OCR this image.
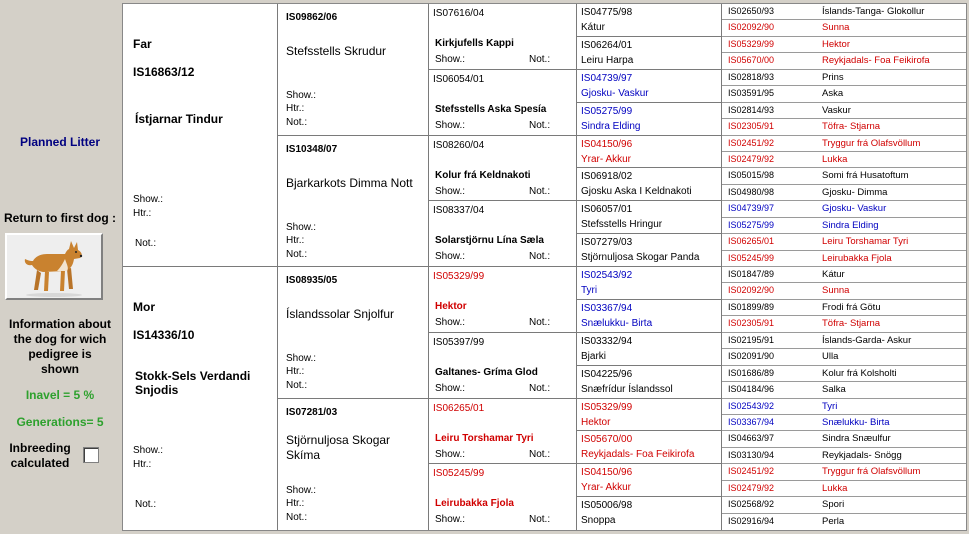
Planned Litter
Return to first dog :
Information about the dog for wich pedigree is shown
Inavel = 5 %
Generations= 5
Inbreeding calculated
Far
IS16863/12
Ístjarnar Tindur
Show.:
Htr.:
Not.:
Mor
IS14336/10
Stokk-Sels Verdandi Snjodis
Show.:
Htr.:
Not.:
IS09862/06
Stefsstells Skrudur
Show.:
Htr.:
Not.:
IS10348/07
Bjarkarkots Dimma Nott
Show.:
Htr.:
Not.:
IS08935/05
Íslandssolar Snjolfur
Show.:
Htr.:
Not.:
IS07281/03
Stjörnuljosa Skogar Skíma
Show.:
Htr.:
Not.:
IS07616/04
Kirkjufells Kappi
Show.:	Not.:
IS06054/01
Stefsstells Aska Spesía
Show.:	Not.:
IS08260/04
Kolur frá Keldnakoti
Show.:	Not.:
IS08337/04
Solarstjörnu Lína Sæla
Show.:	Not.:
IS05329/99
Hektor
Show.:	Not.:
IS05397/99
Galtanes- Gríma Glod
Show.:	Not.:
IS06265/01
Leiru Torshamar Tyri
Show.:	Not.:
IS05245/99
Leirubakka Fjola
Show.:	Not.:
IS04775/98
Kátur
IS06264/01
Leiru Harpa
IS04739/97
Gjosku- Vaskur
IS05275/99
Sindra Elding
IS04150/96
Yrar- Akkur
IS06918/02
Gjosku Aska I Keldnakoti
IS06057/01
Stefsstells Hringur
IS07279/03
Stjörnuljosa Skogar Panda
IS02543/92
Tyri
IS03367/94
Snælukku- Birta
IS03332/94
Bjarki
IS04225/96
Snæfrídur Íslandssol
IS05329/99
Hektor
IS05670/00
Reykjadals- Foa Feikirofa
IS04150/96
Yrar- Akkur
IS05006/98
Snoppa
IS02650/93	Íslands-Tanga- Glokollur
IS02092/90	Sunna
IS05329/99	Hektor
IS05670/00	Reykjadals- Foa Feikirofa
IS02818/93	Prins
IS03591/95	Aska
IS02814/93	Vaskur
IS02305/91	Töfra- Stjarna
IS02451/92	Tryggur frá Olafsvöllum
IS02479/92	Lukka
IS05015/98	Somi frá Husatoftum
IS04980/98	Gjosku- Dimma
IS04739/97	Gjosku- Vaskur
IS05275/99	Sindra Elding
IS06265/01	Leiru Torshamar Tyri
IS05245/99	Leirubakka Fjola
IS01847/89	Kátur
IS02092/90	Sunna
IS01899/89	Frodi frá Götu
IS02305/91	Töfra- Stjarna
IS02195/91	Íslands-Garda- Askur
IS02091/90	Ulla
IS01686/89	Kolur frá Kolsholti
IS04184/96	Salka
IS02543/92	Tyri
IS03367/94	Snælukku- Birta
IS04663/97	Sindra Snæulfur
IS03130/94	Reykjadals- Snögg
IS02451/92	Tryggur frá Olafsvöllum
IS02479/92	Lukka
IS02568/92	Spori
IS02916/94	Perla
